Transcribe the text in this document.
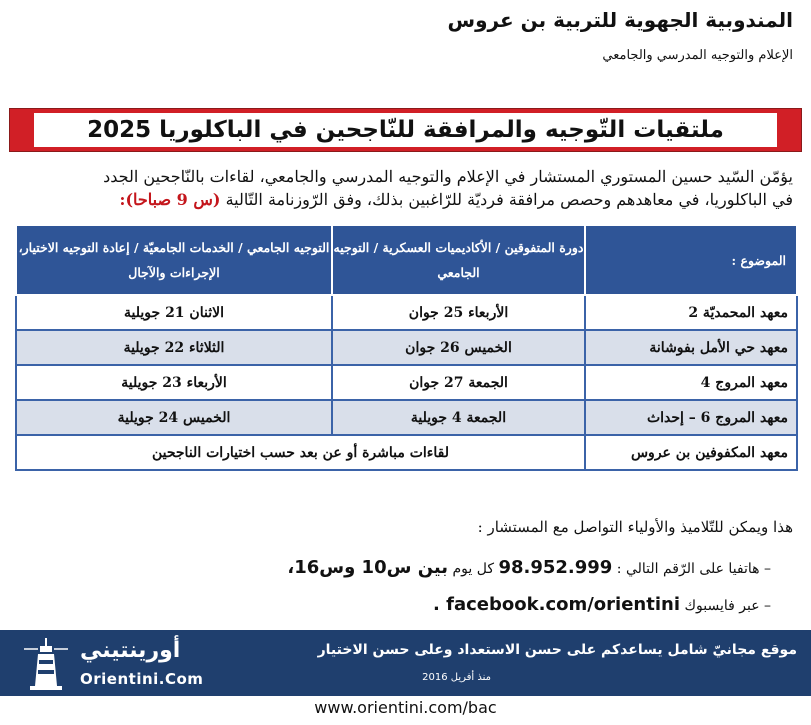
المندوبية الجهوية للتربية بن عروس

الإعلام والتوجيه المدرسي والجامعي

ملتقيات التّوجيه والمرافقة للنّاجحين في الباكلوريا 2025

يؤمّن السّيد حسين المستوري المستشار في الإعلام والتوجيه المدرسي والجامعي، لقاءات بالنّاجحين الجدد

في الباكلوريا، في معاهدهم وحصص مرافقة فرديّة للرّاغبين بذلك، وفق الرّوزنامة التّالية (س 9 صباحا):

الموضوع :	دورة المتفوقين / الأكاديميات العسكرية / التوجيه الجامعي	التوجيه الجامعي / الخدمات الجامعيّة / إعادة التوجيه الاختيار، الإجراءات والآجال
معهد المحمديّة 2	الأربعاء 25 جوان	الاثنان 21 جويلية
معهد حي الأمل بفوشانة	الخميس 26 جوان	الثلاثاء 22 جويلية
معهد المروج 4	الجمعة 27 جوان	الأربعاء 23 جويلية
معهد المروج 6 – إحداث	الجمعة 4 جويلية	الخميس 24 جويلية
معهد المكفوفين بن عروس	لقاءات مباشرة أو عن بعد حسب اختيارات الناجحين	

هذا ويمكن للتّلاميذ والأولياء التواصل مع المستشار :

– هاتفيا على الرّقم التالي : 98.952.999 كل يوم بين س10 وس16،

– عبر فايسبوك facebook.com/orientini .

أورينتيني

Orientini.Com

موقع مجانيّ شامل يساعدكم على حسن الاستعداد وعلى حسن الاختيار

منذ أفريل 2016

www.orientini.com/bac
